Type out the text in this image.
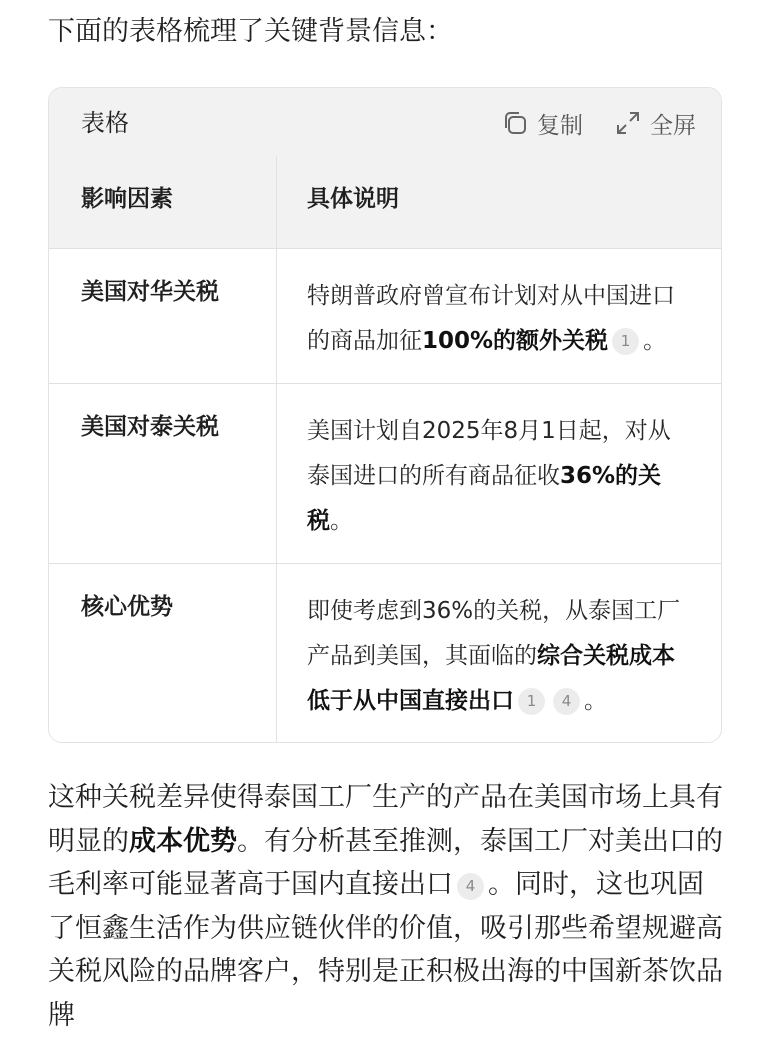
下面的表格梳理了关键背景信息：
表格	复制	全屏
影响因素	具体说明
美国对华关税	特朗普政府曾宣布计划对从中国进口
的商品加征100%的额外关税 1 。
美国对泰关税	美国计划自2025年8月1日起，对从
泰国进口的所有商品征收36%的关
税。
核心优势	即使考虑到36%的关税，从泰国工厂
产品到美国，其面临的综合关税成本
低于从中国直接出口 1 4 。
这种关税差异使得泰国工厂生产的产品在美国市场上具有明显的成本优势。有分析甚至推测，泰国工厂对美出口的毛利率可能显著高于国内直接出口 4 。同时，这也巩固了恒鑫生活作为供应链伙伴的价值，吸引那些希望规避高关税风险的品牌客户，特别是正积极出海的中国新茶饮品牌
